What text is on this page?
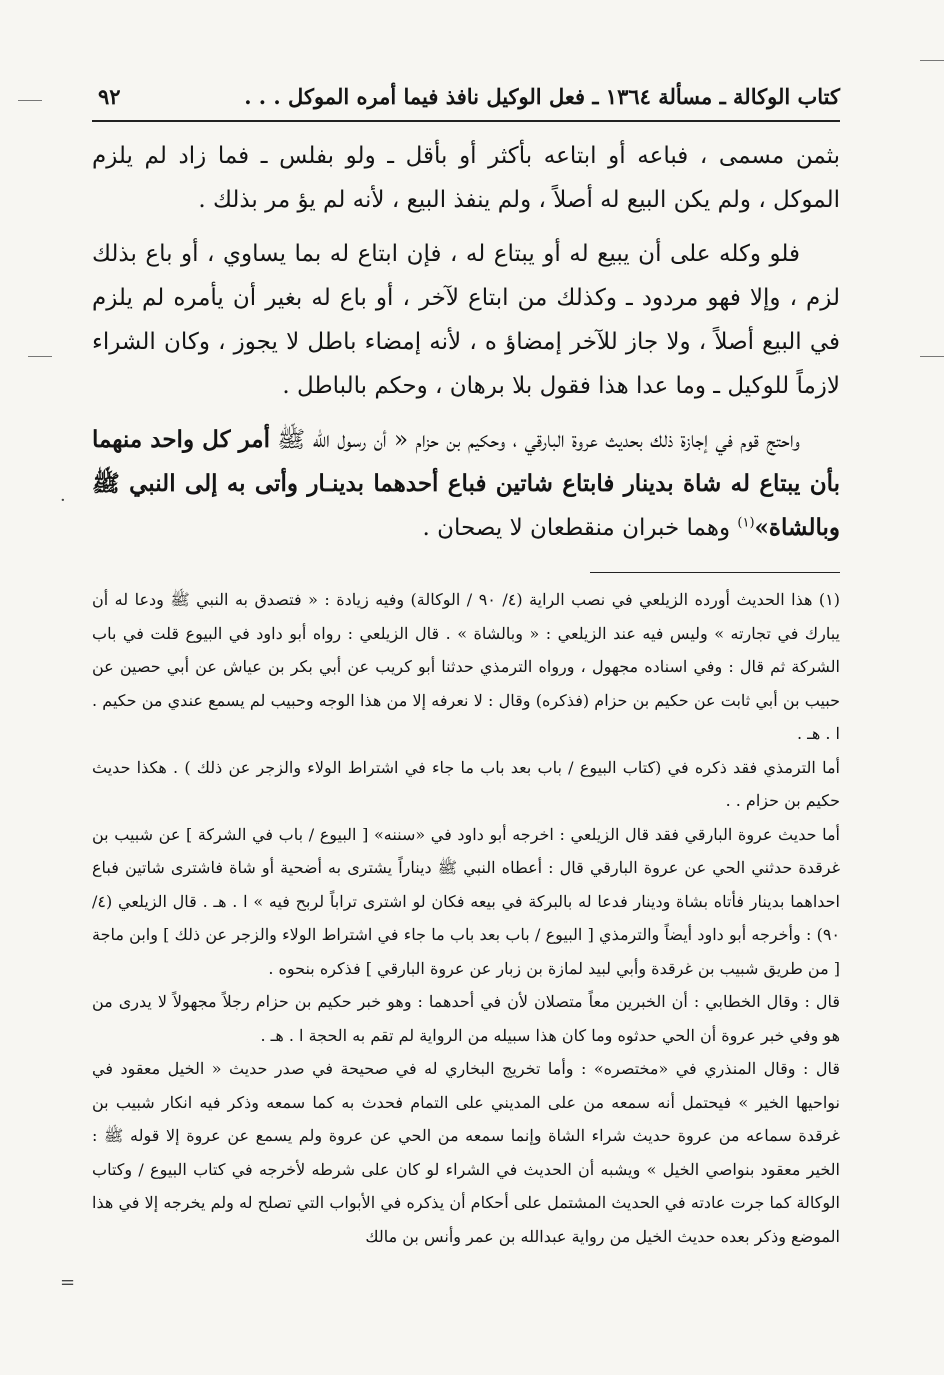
·
=
كتاب الوكالة ـ مسألة ١٣٦٤ ـ فعل الوكيل نافذ فيما أمره الموكل . . .
٩٢

بثمن مسمى ، فباعه أو ابتاعه بأكثر أو بأقل ـ ولو بفلس ـ فما زاد لم يلزم الموكل ، ولم يكن البيع له أصلاً ، ولم ينفذ البيع ، لأنه لم يؤ مر بذلك .

فلو وكله على أن يبيع له أو يبتاع له ، فإن ابتاع له بما يساوي ، أو باع بذلك لزم ، وإلا فهو مردود ـ وكذلك من ابتاع لآخر ، أو باع له بغير أن يأمره لم يلزم في البيع أصلاً ، ولا جاز للآخر إمضاؤ ه ، لأنه إمضاء باطل لا يجوز ، وكان الشراء لازماً للوكيل ـ وما عدا هذا فقول بلا برهان ، وحكم بالباطل .

واحتج قوم في إجازة ذلك بحديث عروة البارقي ، وحكيم بن حزام « أن رسول الله ﷺ أمر كل واحد منهما بأن يبتاع له شاة بدينار فابتاع شاتين فباع أحدهما بدينـار وأتى به إلى النبي ﷺ وبالشاة»$^{(١)}$ وهما خبران منقطعان لا يصحان .

(١) هذا الحديث أورده الزيلعي في نصب الراية (٤/ ٩٠ / الوكالة) وفيه زيادة : « فتصدق به النبي ﷺ ودعا له أن يبارك في تجارته » وليس فيه عند الزيلعي : « وبالشاة » . قال الزيلعي : رواه أبو داود في البيوع قلت في باب الشركة ثم قال : وفي اسناده مجهول ، ورواه الترمذي حدثنا أبو كريب عن أبي بكر بن عياش عن أبي حصين عن حبيب بن أبي ثابت عن حكيم بن حزام (فذكره) وقال : لا نعرفه إلا من هذا الوجه وحبيب لم يسمع عندي من حكيم . ا . هـ .

أما الترمذي فقد ذكره في (كتاب البيوع / باب بعد باب ما جاء في اشتراط الولاء والزجر عن ذلك ) . هكذا حديث حكيم بن حزام . .

أما حديث عروة البارقي فقد قال الزيلعي : اخرجه أبو داود في «سننه» [ البيوع / باب في الشركة ] عن شبيب بن غرقدة حدثني الحي عن عروة البارقي قال : أعطاه النبي ﷺ ديناراً يشترى به أضحية أو شاة فاشترى شاتين فباع احداهما بدينار فأتاه بشاة ودينار فدعا له بالبركة في بيعه فكان لو اشترى تراباً لربح فيه » ا . هـ . قال الزيلعي (٤/ ٩٠) : وأخرجه أبو داود أيضاً والترمذي [ البيوع / باب بعد باب ما جاء في اشتراط الولاء والزجر عن ذلك ] وابن ماجة [ من طريق شبيب بن غرقدة وأبي لبيد لمازة بن زبار عن عروة البارقي ] فذكره بنحوه .

قال : وقال الخطابي : أن الخبرين معاً متصلان لأن في أحدهما : وهو خبر حكيم بن حزام رجلاً مجهولاً لا يدرى من هو وفي خبر عروة أن الحي حدثوه وما كان هذا سبيله من الرواية لم تقم به الحجة ا . هـ .

قال : وقال المنذري في «مختصره» : وأما تخريج البخاري له في صحيحة في صدر حديث « الخيل معقود في نواحيها الخير » فيحتمل أنه سمعه من على المديني على التمام فحدث به كما سمعه وذكر فيه انكار شبيب بن غرقدة سماعه من عروة حديث شراء الشاة وإنما سمعه من الحي عن عروة ولم يسمع عن عروة إلا قوله ﷺ : الخير معقود بنواصي الخيل » ويشبه أن الحديث في الشراء لو كان على شرطه لأخرجه في كتاب البيوع / وكتاب الوكالة كما جرت عادته في الحديث المشتمل على أحكام أن يذكره في الأبواب التي تصلح له ولم يخرجه إلا في هذا الموضع وذكر بعده حديث الخيل من رواية عبدالله بن عمر وأنس بن مالك
